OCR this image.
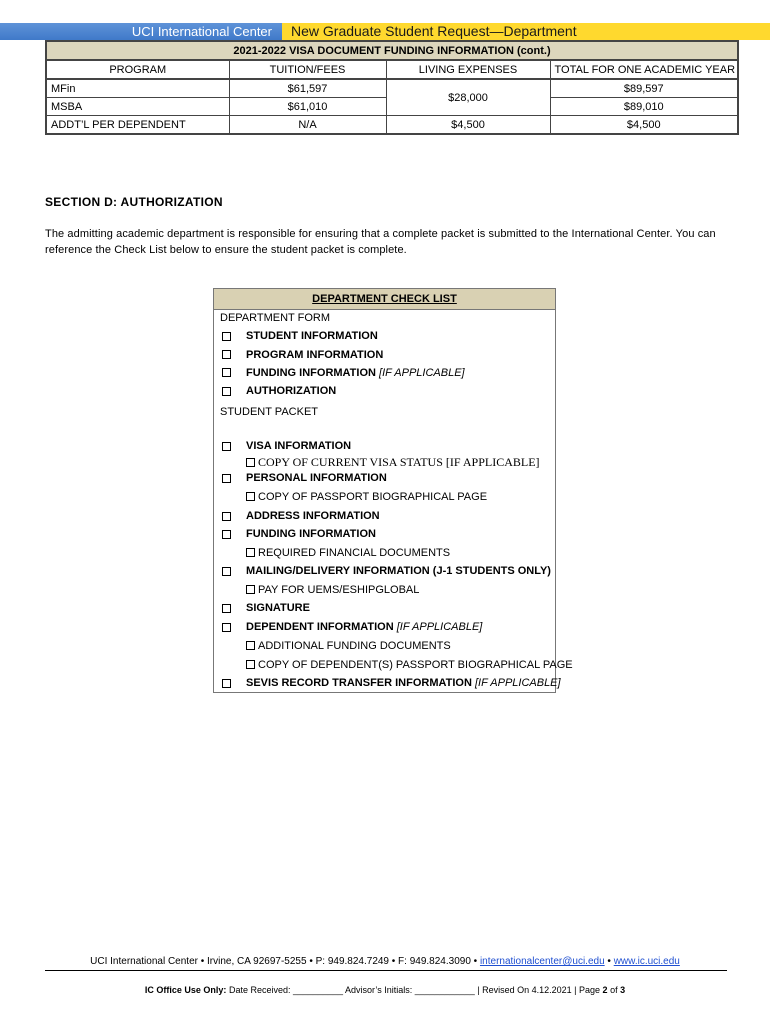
UCI International Center	New Graduate Student Request—Department
2021-2022 VISA DOCUMENT FUNDING INFORMATION (cont.)			
PROGRAM	TUITION/FEES	LIVING EXPENSES	TOTAL FOR ONE ACADEMIC YEAR
MFin	$61,597	$28,000	$89,597
MSBA	$61,010		$89,010
ADDT’L PER DEPENDENT	N/A	$4,500	$4,500
SECTION D: AUTHORIZATION
The admitting academic department is responsible for ensuring that a complete packet is submitted to the International Center. You can reference the Check List below to ensure the student packet is complete.
DEPARTMENT CHECK LIST
DEPARTMENT FORM
STUDENT INFORMATION
PROGRAM INFORMATION
FUNDING INFORMATION [IF APPLICABLE]
AUTHORIZATION
STUDENT PACKET
VISA INFORMATION
COPY OF CURRENT VISA STATUS [IF APPLICABLE]
PERSONAL INFORMATION
COPY OF PASSPORT BIOGRAPHICAL PAGE
ADDRESS INFORMATION
FUNDING INFORMATION
REQUIRED FINANCIAL DOCUMENTS
MAILING/DELIVERY INFORMATION (J-1 STUDENTS ONLY)
PAY FOR UEMS/ESHIPGLOBAL
SIGNATURE
DEPENDENT INFORMATION [IF APPLICABLE]
ADDITIONAL FUNDING DOCUMENTS
COPY OF DEPENDENT(S) PASSPORT BIOGRAPHICAL PAGE
SEVIS RECORD TRANSFER INFORMATION [IF APPLICABLE]
UCI International Center • Irvine, CA 92697-5255 • P: 949.824.7249 • F: 949.824.3090 • internationalcenter@uci.edu • www.ic.uci.edu
IC Office Use Only: Date Received: __________ Advisor’s Initials: ____________ | Revised On 4.12.2021 | Page 2 of 3
